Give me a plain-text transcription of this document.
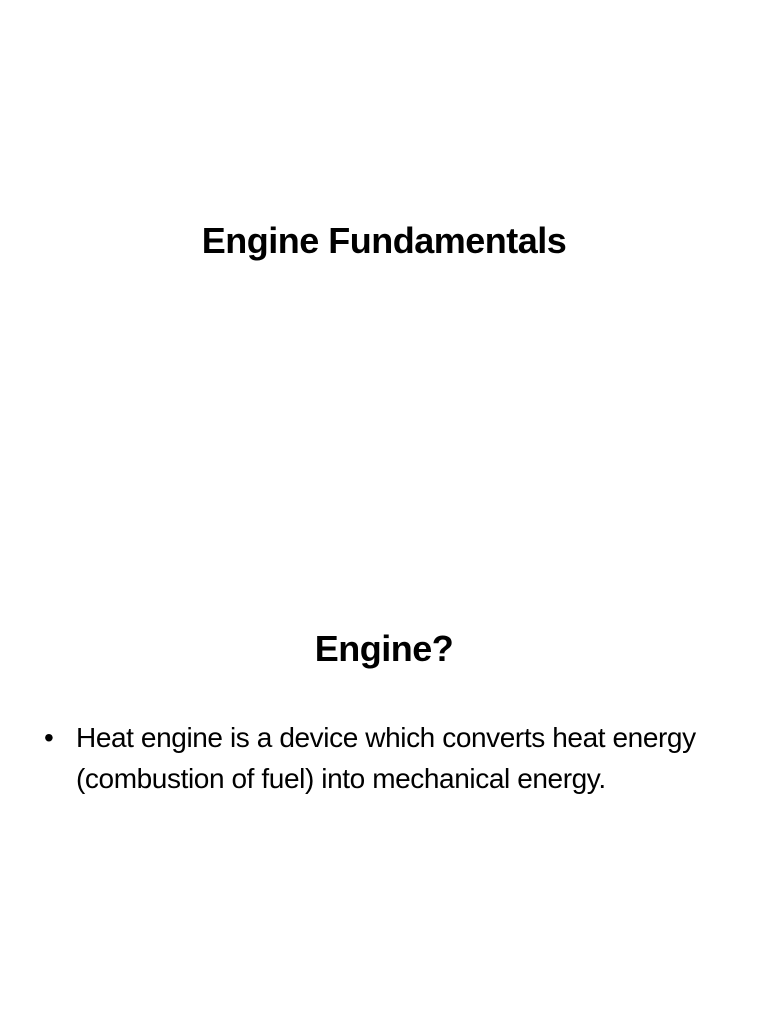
Engine Fundamentals
Engine?
• Heat engine is a device which converts heat energy (combustion of fuel) into mechanical energy.
